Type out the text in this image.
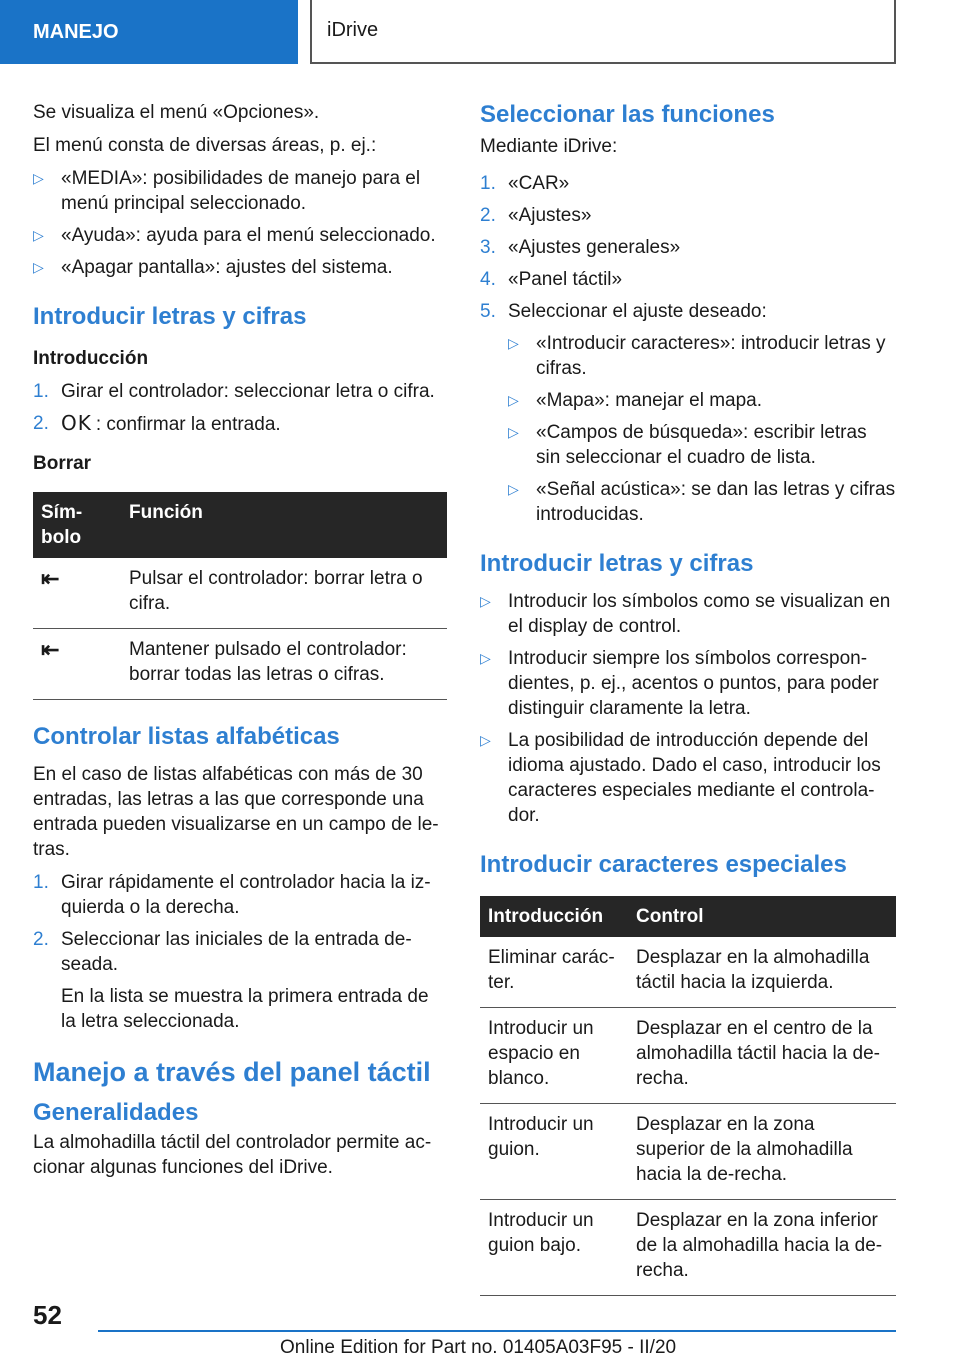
MANEJO	iDrive

Se visualiza el menú «Opciones».

El menú consta de diversas áreas, p. ej.:

▷ «MEDIA»: posibilidades de manejo para el menú principal seleccionado.
▷ «Ayuda»: ayuda para el menú seleccionado.
▷ «Apagar pantalla»: ajustes del sistema.
Introducir letras y cifras
Introducción
1. Girar el controlador: seleccionar letra o cifra.
2. OK : confirmar la entrada.
Borrar
Sím-
bolo	Función
⇤	Pulsar el controlador: borrar letra o cifra.
⇤	Mantener pulsado el controlador: borrar todas las letras o cifras.
Controlar listas alfabéticas

En el caso de listas alfabéticas con más de 30 entradas, las letras a las que corresponde una entrada pueden visualizarse en un campo de le-tras.

1. Girar rápidamente el controlador hacia la iz-quierda o la derecha.
2. Seleccionar las iniciales de la entrada de-seada.
En la lista se muestra la primera entrada de la letra seleccionada.
Manejo a través del panel táctil
Generalidades

La almohadilla táctil del controlador permite ac-cionar algunas funciones del iDrive.

Seleccionar las funciones

Mediante iDrive:

1. «CAR»
2. «Ajustes»
3. «Ajustes generales»
4. «Panel táctil»
5. Seleccionar el ajuste deseado:
▷ «Introducir caracteres»: introducir letras y cifras.
▷ «Mapa»: manejar el mapa.
▷ «Campos de búsqueda»: escribir letras sin seleccionar el cuadro de lista.
▷ «Señal acústica»: se dan las letras y cifras introducidas.
Introducir letras y cifras
▷ Introducir los símbolos como se visualizan en el display de control.
▷ Introducir siempre los símbolos correspon-dientes, p. ej., acentos o puntos, para poder distinguir claramente la letra.
▷ La posibilidad de introducción depende del idioma ajustado. Dado el caso, introducir los caracteres especiales mediante el controla-dor.
Introducir caracteres especiales
Introducción	Control
Eliminar carác-ter.	Desplazar en la almohadilla táctil hacia la izquierda.
Introducir un espacio en blanco.	Desplazar en el centro de la almohadilla táctil hacia la de-recha.
Introducir un guion.	Desplazar en la zona superior de la almohadilla hacia la de-recha.
Introducir un guion bajo.	Desplazar en la zona inferior de la almohadilla hacia la de-recha.
52
Online Edition for Part no. 01405A03F95 - II/20
